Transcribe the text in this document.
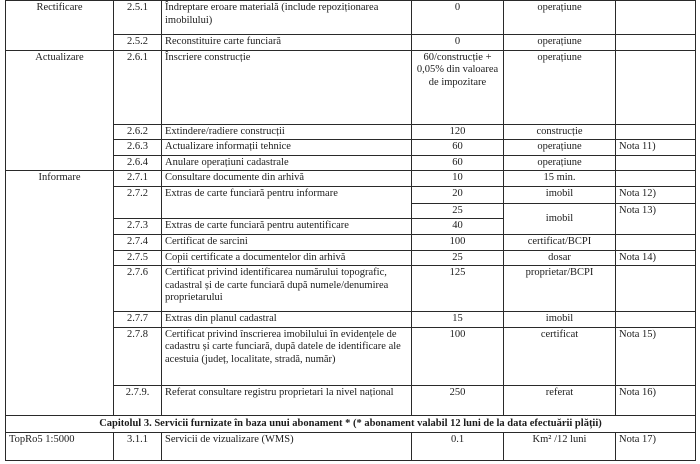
Rectificare	2.5.1	Îndreptare eroare materială (include repoziționarea imobilului)	0	operațiune	
	2.5.2	Reconstituire carte funciară	0	operațiune	
Actualizare	2.6.1	Înscriere construcție	60/construcție + 0,05% din valoarea de impozitare	operațiune	
	2.6.2	Extindere/radiere construcții	120	construcție	
	2.6.3	Actualizare informații tehnice	60	operațiune	Nota 11)
	2.6.4	Anulare operațiuni cadastrale	60	operațiune	
Informare	2.7.1	Consultare documente din arhivă	10	15 min.	
	2.7.2	Extras de carte funciară pentru informare	20	imobil	Nota 12)
			25	imobil	Nota 13)
	2.7.3	Extras de carte funciară pentru autentificare	40		
	2.7.4	Certificat de sarcini	100	certificat/BCPI	
	2.7.5	Copii certificate a documentelor din arhivă	25	dosar	Nota 14)
	2.7.6	Certificat privind identificarea numărului topografic, cadastral și de carte funciară după numele/denumirea proprietarului	125	proprietar/BCPI	
	2.7.7	Extras din planul cadastral	15	imobil	
	2.7.8	Certificat privind înscrierea imobilului în evidențele de cadastru și carte funciară, după datele de identificare ale acestuia (județ, localitate, stradă, număr)	100	certificat	Nota 15)
	2.7.9.	Referat consultare registru proprietari la nivel național	250	referat	Nota 16)
Capitolul 3. Servicii furnizate în baza unui abonament * (* abonament valabil 12 luni de la data efectuării plății)					
TopRo5 1:5000	3.1.1	Servicii de vizualizare (WMS)	0.1	Km² /12 luni	Nota 17)
